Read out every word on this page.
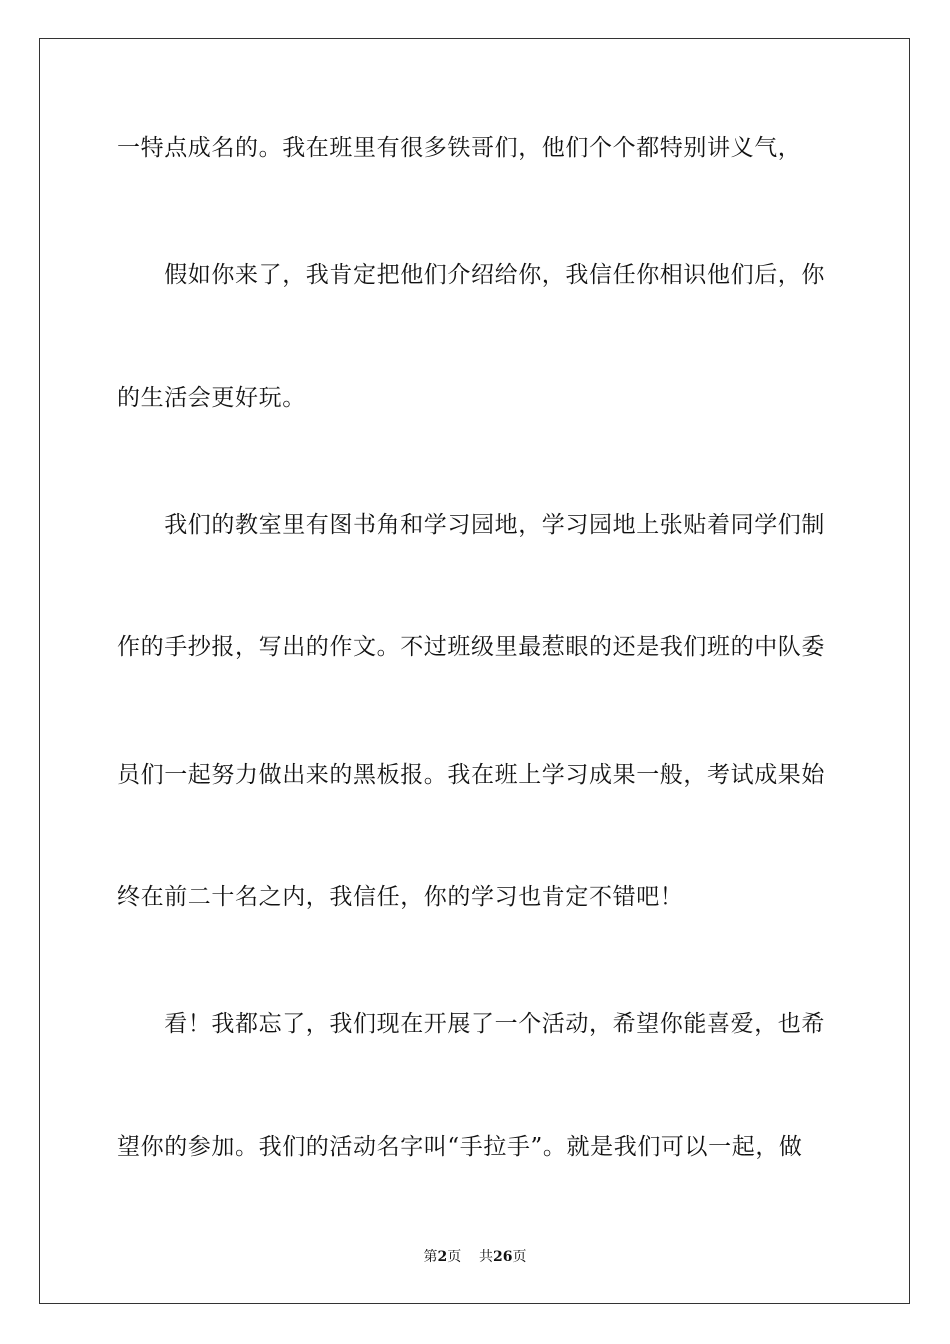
一特点成名的。我在班里有很多铁哥们，他们个个都特别讲义气，
　　假如你来了，我肯定把他们介绍给你，我信任你相识他们后，你
的生活会更好玩。
　　我们的教室里有图书角和学习园地，学习园地上张贴着同学们制
作的手抄报，写出的作文。不过班级里最惹眼的还是我们班的中队委
员们一起努力做出来的黑板报。我在班上学习成果一般，考试成果始
终在前二十名之内，我信任，你的学习也肯定不错吧！
　　看！我都忘了，我们现在开展了一个活动，希望你能喜爱，也希
望你的参加。我们的活动名字叫“手拉手”。就是我们可以一起，做
第2页 共26页
